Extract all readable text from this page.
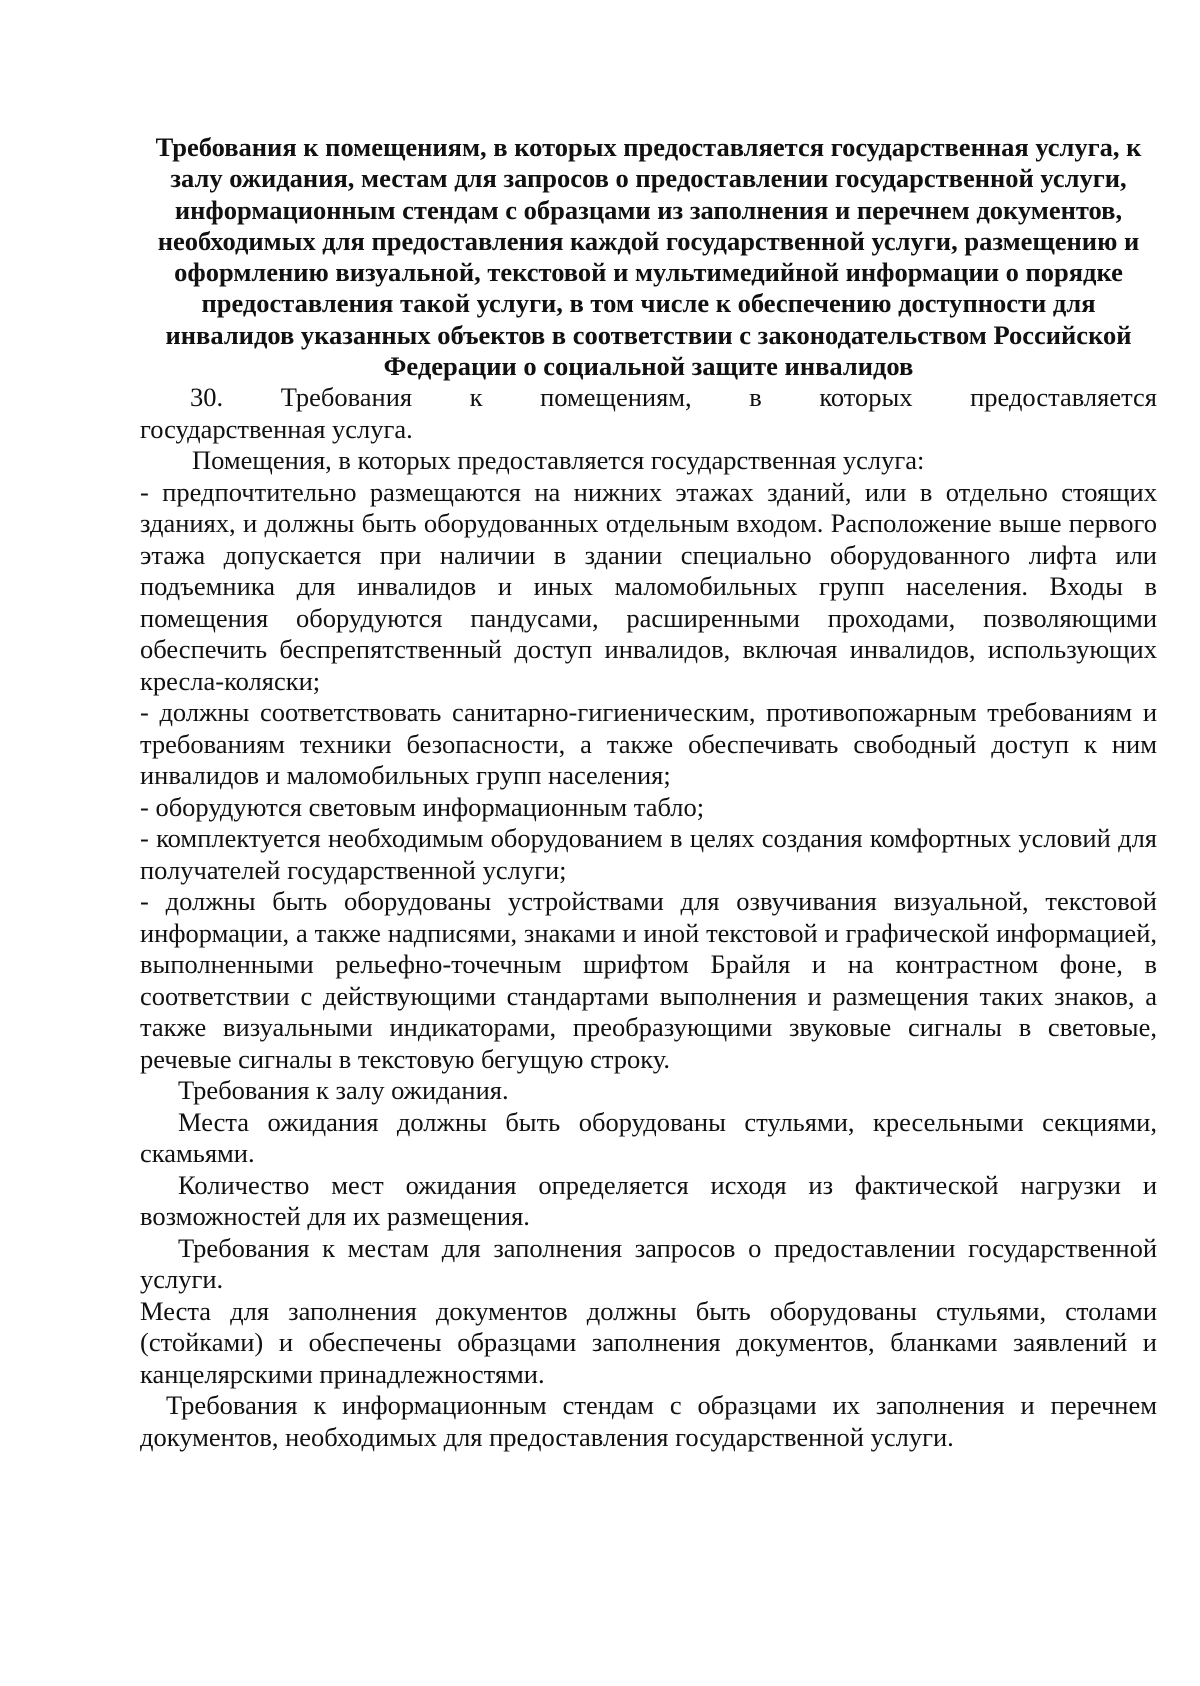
Требования к помещениям, в которых предоставляется государственная услуга, к залу ожидания, местам для запросов о предоставлении государственной услуги, информационным стендам с образцами из заполнения и перечнем документов, необходимых для предоставления каждой государственной услуги, размещению и оформлению визуальной, текстовой и мультимедийной информации о порядке предоставления такой услуги, в том числе к обеспечению доступности для инвалидов указанных объектов в соответствии с законодательством Российской Федерации о социальной защите инвалидов
30. Требования к помещениям, в которых предоставляется

государственная услуга.

Помещения, в которых предоставляется государственная услуга:

- предпочтительно размещаются на нижних этажах зданий, или в отдельно стоящих зданиях, и должны быть оборудованных отдельным входом. Расположение выше первого этажа допускается при наличии в здании специально оборудованного лифта или подъемника для инвалидов и иных маломобильных групп населения. Входы в помещения оборудуются пандусами, расширенными проходами, позволяющими обеспечить беспрепятственный доступ инвалидов, включая инвалидов, использующих кресла-коляски;

- должны соответствовать санитарно-гигиеническим, противопожарным требованиям и требованиям техники безопасности, а также обеспечивать свободный доступ к ним инвалидов и маломобильных групп населения;

- оборудуются световым информационным табло;

- комплектуется необходимым оборудованием в целях создания комфортных условий для получателей государственной услуги;

- должны быть оборудованы устройствами для озвучивания визуальной, текстовой информации, а также надписями, знаками и иной текстовой и графической информацией, выполненными рельефно-точечным шрифтом Брайля и на контрастном фоне, в соответствии с действующими стандартами выполнения и размещения таких знаков, а также визуальными индикаторами, преобразующими звуковые сигналы в световые, речевые сигналы в текстовую бегущую строку.

Требования к залу ожидания.

Места ожидания должны быть оборудованы стульями, кресельными секциями, скамьями.

Количество мест ожидания определяется исходя из фактической нагрузки и возможностей для их размещения.

Требования к местам для заполнения запросов о предоставлении государственной услуги.

Места для заполнения документов должны быть оборудованы стульями, столами (стойками) и обеспечены образцами заполнения документов, бланками заявлений и канцелярскими принадлежностями.

Требования к информационным стендам с образцами их заполнения и перечнем документов, необходимых для предоставления государственной услуги.
